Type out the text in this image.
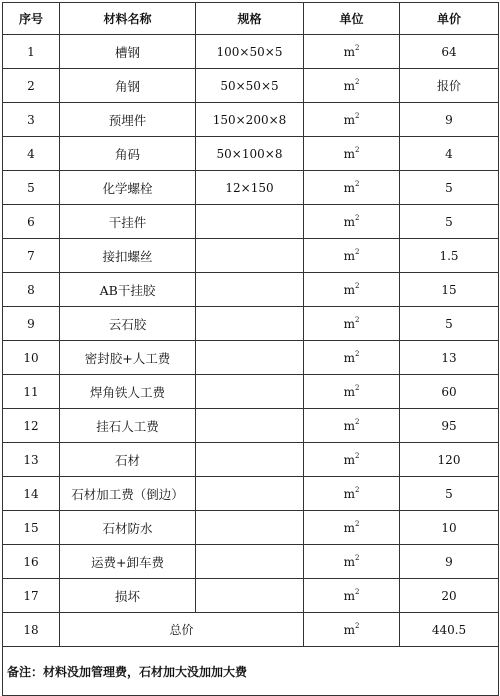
序号	材料名称	规格	单位	单价
1	槽钢	100×50×5	$m^2$	64
2	角钢	50×50×5	$m^2$	报价
3	预埋件	150×200×8	$m^2$	9
4	角码	50×100×8	$m^2$	4
5	化学螺栓	12×150	$m^2$	5
6	干挂件		$m^2$	5
7	接扣螺丝		$m^2$	1.5
8	AB干挂胶		$m^2$	15
9	云石胶		$m^2$	5
10	密封胶+人工费		$m^2$	13
11	焊角铁人工费		$m^2$	60
12	挂石人工费		$m^2$	95
13	石材		$m^2$	120
14	石材加工费（倒边）		$m^2$	5
15	石材防水		$m^2$	10
16	运费+卸车费		$m^2$	9
17	损坏		$m^2$	20
18	总价		$m^2$	440.5
备注：材料没加管理费，石材加大没加加大费				
